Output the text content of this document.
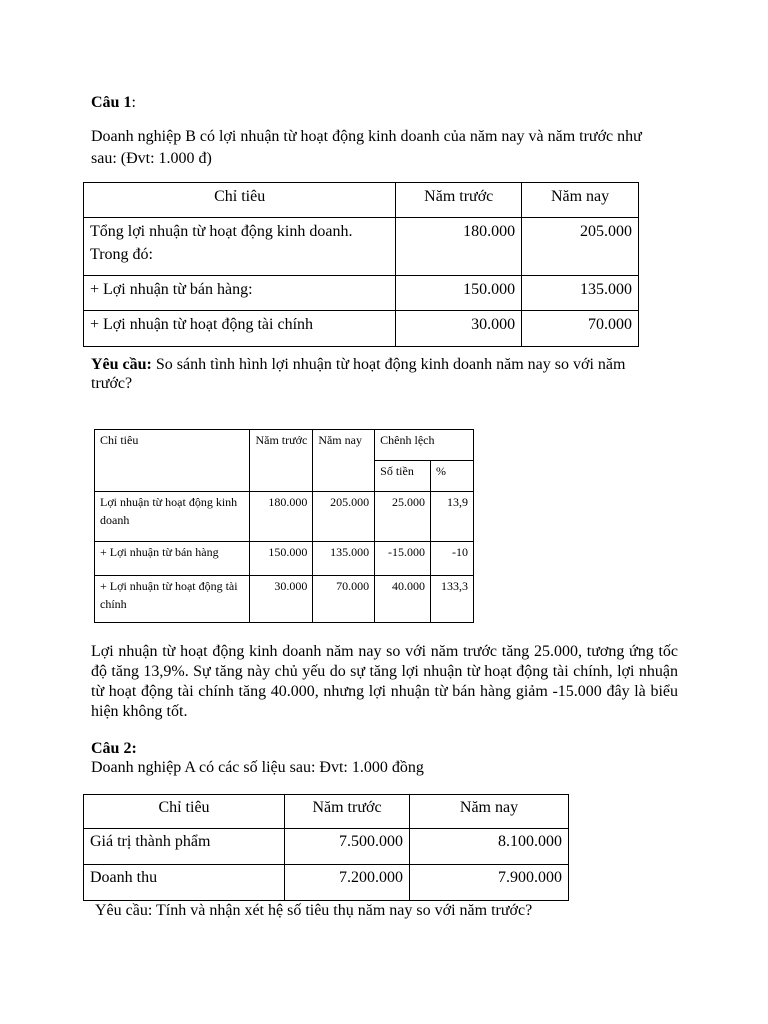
Câu 1:

Doanh nghiệp B có lợi nhuận từ hoạt động kinh doanh của năm nay và năm trước như
sau: (Đvt: 1.000 đ)

Chỉ tiêu	Năm trước	Năm nay
Tổng lợi nhuận từ hoạt động kinh doanh.
Trong đó:	180.000	205.000
+ Lợi nhuận từ bán hàng:	150.000	135.000
+ Lợi nhuận từ hoạt động tài chính	30.000	70.000

Yêu cầu: So sánh tình hình lợi nhuận từ hoạt động kinh doanh năm nay so với năm
trước?

Chỉ tiêu	Năm trước	Năm nay	Chênh lệch	
			Số tiền	%
Lợi nhuận từ hoạt động kinh doanh	180.000	205.000	25.000	13,9
+ Lợi nhuận từ bán hàng	150.000	135.000	-15.000	-10
+ Lợi nhuận từ hoạt động tài chính	30.000	70.000	40.000	133,3

Lợi nhuận từ hoạt động kinh doanh năm nay so với năm trước tăng 25.000, tương ứng tốc độ tăng 13,9%. Sự tăng này chủ yếu do sự tăng lợi nhuận từ hoạt động tài chính, lợi nhuận từ hoạt động tài chính tăng 40.000, nhưng lợi nhuận từ bán hàng giảm -15.000 đây là biểu hiện không tốt.

Câu 2:

Doanh nghiệp A có các số liệu sau: Đvt: 1.000 đồng

Chỉ tiêu	Năm trước	Năm nay
Giá trị thành phẩm	7.500.000	8.100.000
Doanh thu	7.200.000	7.900.000

Yêu cầu: Tính và nhận xét hệ số tiêu thụ năm nay so với năm trước?
